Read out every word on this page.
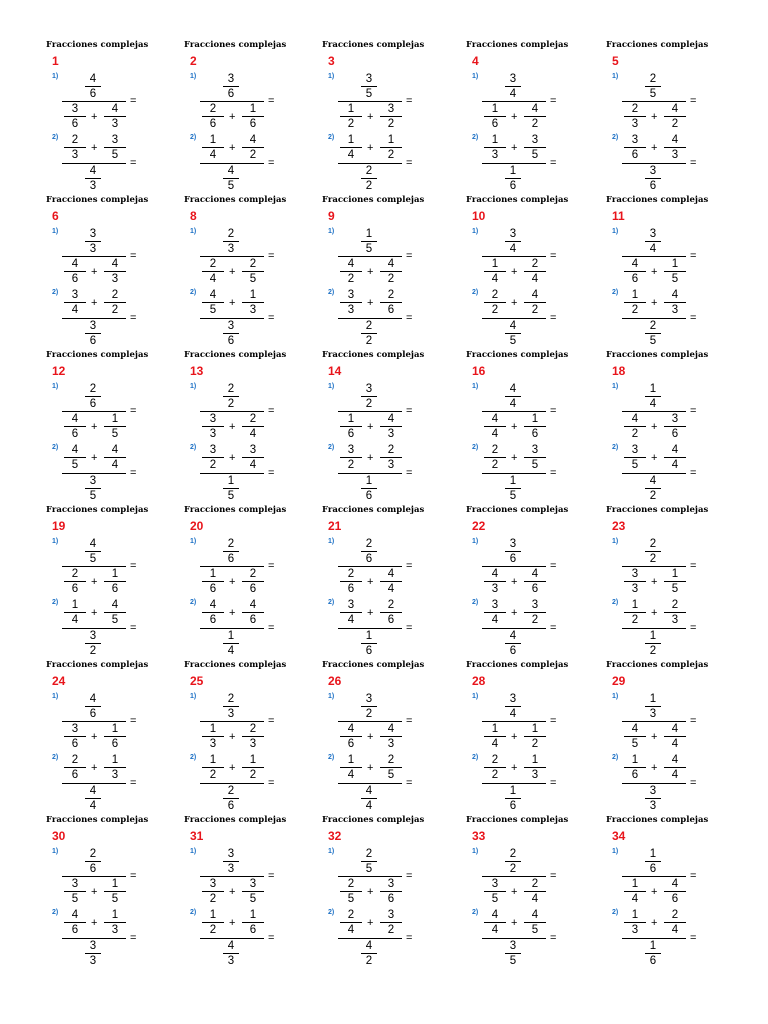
Fracciones complejas
1
1)	4
6
3
6
+
4
3
=
2) 2
3
+
3
5
4
3
=
Fracciones complejas
2
1)	3
6
2
6
+
1
6
=
2) 1
4
+
4
2
4
5
=
Fracciones complejas
3
1)	3
5
1
2
+
3
2
=
2) 1
4
+
1
2
2
2
=
Fracciones complejas
4
1)	3
4
1
6
+
4
2
=
2) 1
3
+
3
5
1
6
=
Fracciones complejas
5
1)	2
5
2
3
+
4
2
=
2) 3
6
+
4
3
3
6
=
Fracciones complejas
6
1)	3
3
4
6
+
4
3
=
2) 3
4
+
2
2
3
6
=
Fracciones complejas
8
1)	2
3
2
4
+
2
5
=
2) 4
5
+
1
3
3
6
=
Fracciones complejas
9
1)	1
5
4
2
+
4
2
=
2) 3
3
+
2
6
2
2
=
Fracciones complejas
10
1)	3
4
1
4
+
2
4
=
2) 2
2
+
4
2
4
5
=
Fracciones complejas
11
1)	3
4
4
6
+
1
5
=
2) 1
2
+
4
3
2
5
=
Fracciones complejas
12
1)	2
6
4
6
+
1
5
=
2) 4
5
+
4
4
3
5
=
Fracciones complejas
13
1)	2
2
3
3
+
2
4
=
2) 3
2
+
3
4
1
5
=
Fracciones complejas
14
1)	3
2
1
6
+
4
3
=
2) 3
2
+
2
3
1
6
=
Fracciones complejas
16
1)	4
4
4
4
+
1
6
=
2) 2
2
+
3
5
1
5
=
Fracciones complejas
18
1)	1
4
4
2
+
3
6
=
2) 3
5
+
4
4
4
2
=
Fracciones complejas
19
1)	4
5
2
6
+
1
6
=
2) 1
4
+
4
5
3
2
=
Fracciones complejas
20
1)	2
6
1
6
+
2
6
=
2) 4
6
+
4
6
1
4
=
Fracciones complejas
21
1)	2
6
2
6
+
4
4
=
2) 3
4
+
2
6
1
6
=
Fracciones complejas
22
1)	3
6
4
3
+
4
6
=
2) 3
4
+
3
2
4
6
=
Fracciones complejas
23
1)	2
2
3
3
+
1
5
=
2) 1
2
+
2
3
1
2
=
Fracciones complejas
24
1)	4
6
3
6
+
1
6
=
2) 2
6
+
1
3
4
4
=
Fracciones complejas
25
1)	2
3
1
3
+
2
3
=
2) 1
2
+
1
2
2
6
=
Fracciones complejas
26
1)	3
2
4
6
+
4
3
=
2) 1
4
+
2
5
4
4
=
Fracciones complejas
28
1)	3
4
1
4
+
1
2
=
2) 2
2
+
1
3
1
6
=
Fracciones complejas
29
1)	1
3
4
5
+
4
4
=
2) 1
6
+
4
4
3
3
=
Fracciones complejas
30
1)	2
6
3
5
+
1
5
=
2) 4
6
+
1
3
3
3
=
Fracciones complejas
31
1)	3
3
3
2
+
3
5
=
2) 1
2
+
1
6
4
3
=
Fracciones complejas
32
1)	2
5
2
5
+
3
6
=
2) 2
4
+
3
2
4
2
=
Fracciones complejas
33
1)	2
2
3
5
+
2
4
=
2) 4
4
+
4
5
3
5
=
Fracciones complejas
34
1)	1
6
1
4
+
4
6
=
2) 1
3
+
2
4
1
6
=
